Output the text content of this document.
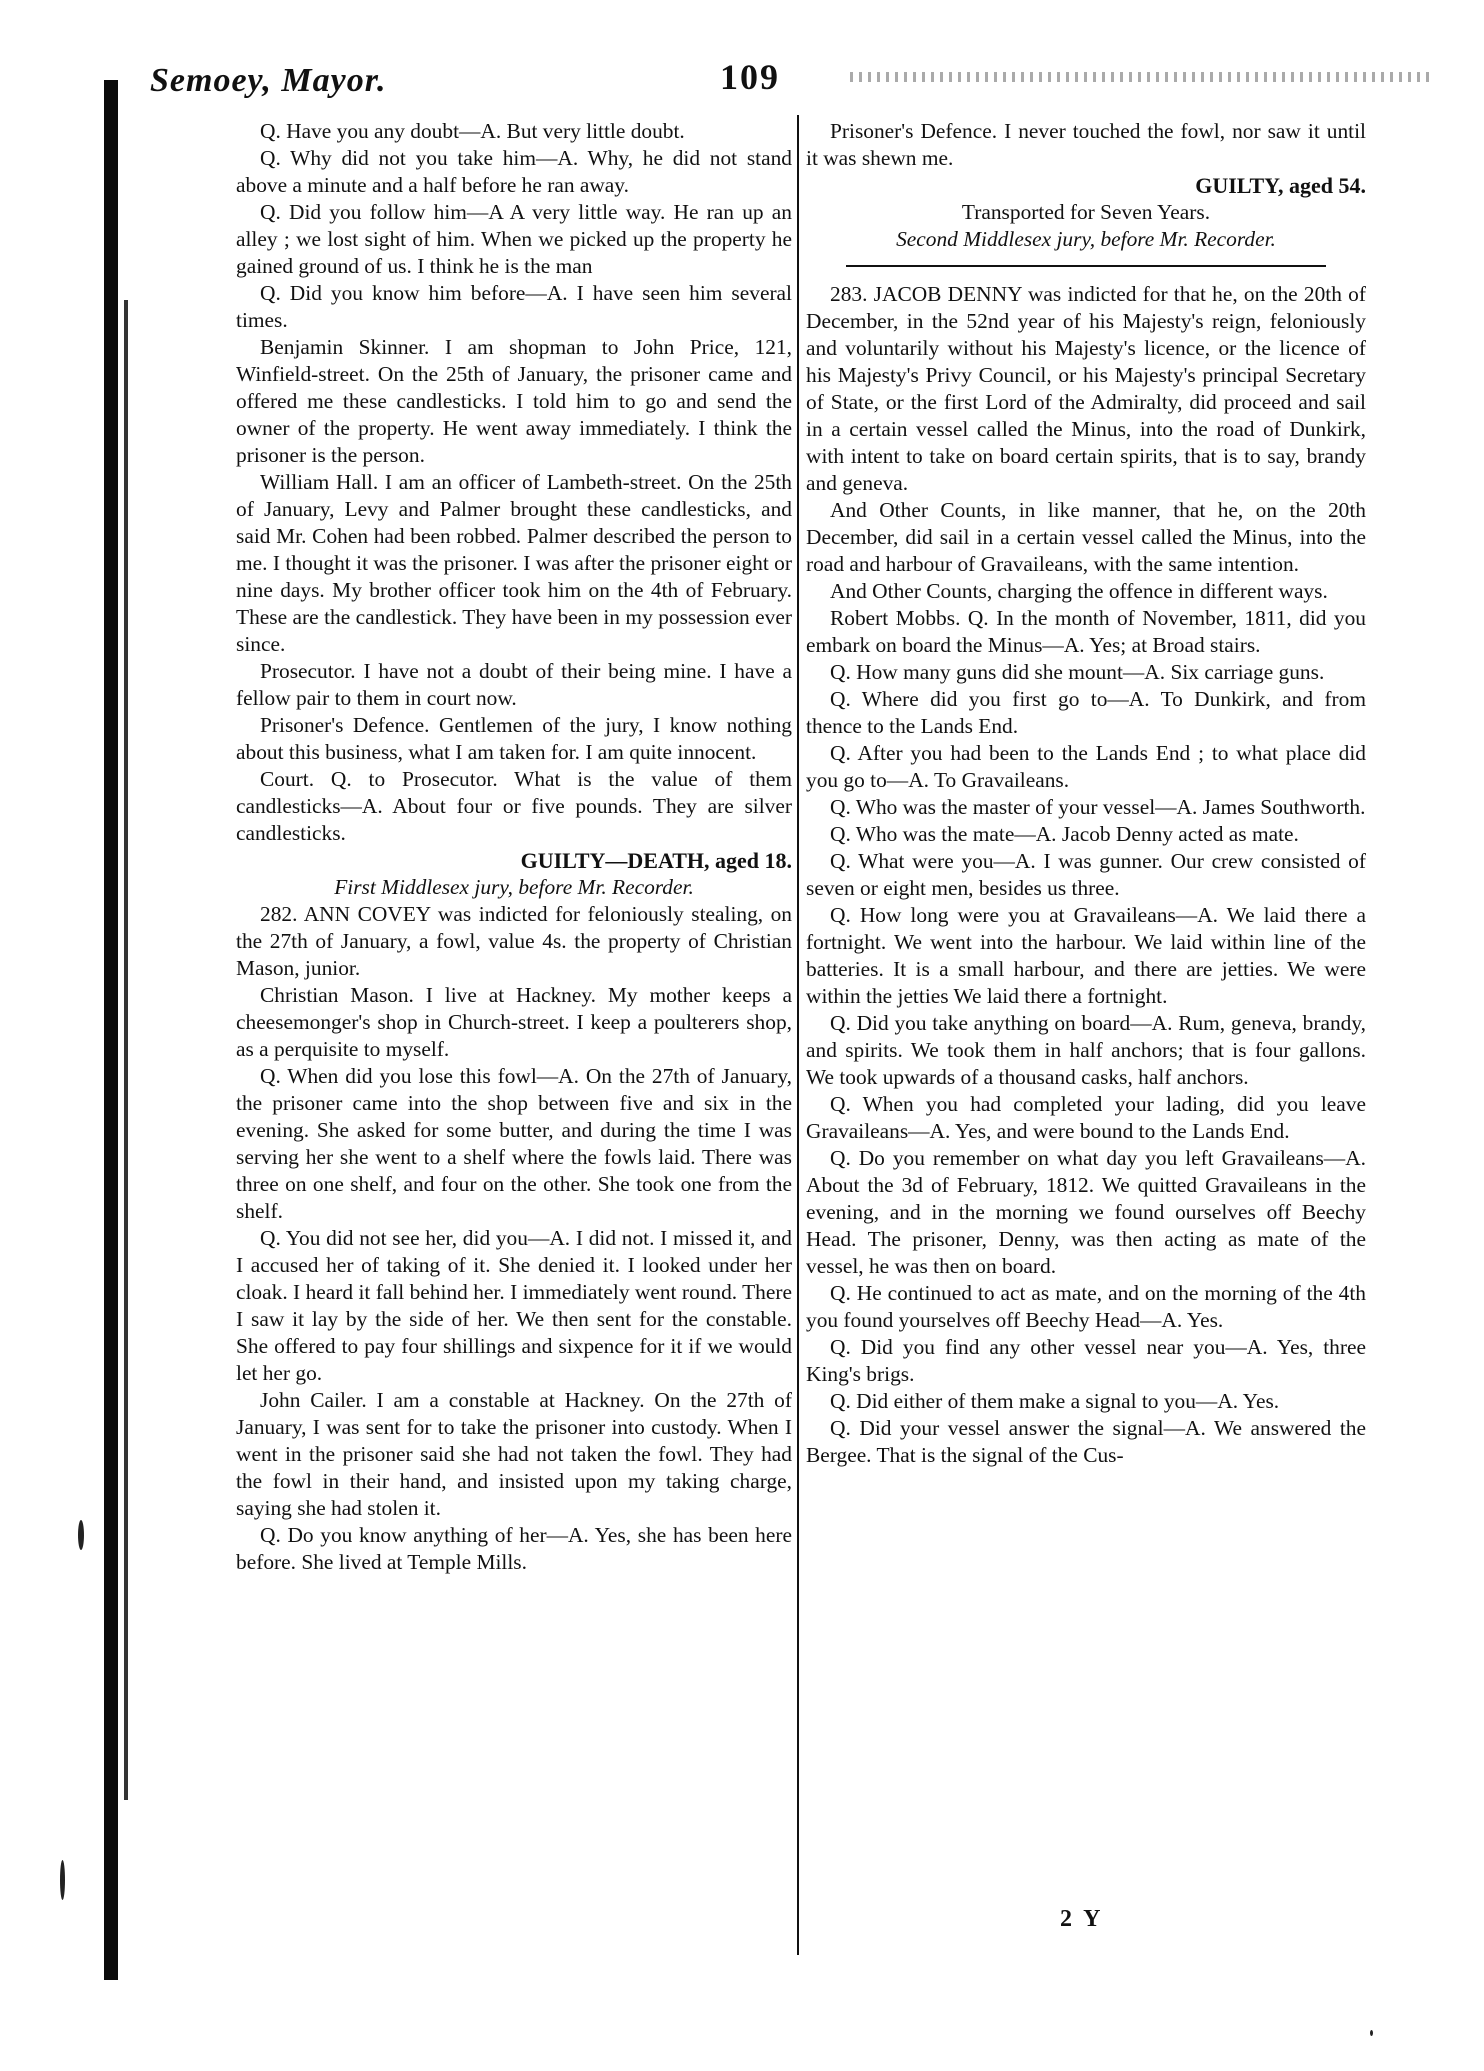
Semoey, Mayor.	109

Q. Have you any doubt—A. But very little doubt.

Q. Why did not you take him—A. Why, he did not stand above a minute and a half before he ran away.

Q. Did you follow him—A A very little way. He ran up an alley ; we lost sight of him. When we picked up the property he gained ground of us. I think he is the man

Q. Did you know him before—A. I have seen him several times.

Benjamin Skinner. I am shopman to John Price, 121, Winfield-street. On the 25th of January, the prisoner came and offered me these candlesticks. I told him to go and send the owner of the property. He went away immediately. I think the prisoner is the person.

William Hall. I am an officer of Lambeth-street. On the 25th of January, Levy and Palmer brought these candlesticks, and said Mr. Cohen had been robbed. Palmer described the person to me. I thought it was the prisoner. I was after the prisoner eight or nine days. My brother officer took him on the 4th of February. These are the candlestick. They have been in my possession ever since.

Prosecutor. I have not a doubt of their being mine. I have a fellow pair to them in court now.

Prisoner's Defence. Gentlemen of the jury, I know nothing about this business, what I am taken for. I am quite innocent.

Court. Q. to Prosecutor. What is the value of them candlesticks—A. About four or five pounds. They are silver candlesticks.

GUILTY—DEATH, aged 18.

First Middlesex jury, before Mr. Recorder.

282. ANN COVEY was indicted for feloniously stealing, on the 27th of January, a fowl, value 4s. the property of Christian Mason, junior.

Christian Mason. I live at Hackney. My mother keeps a cheesemonger's shop in Church-street. I keep a poulterers shop, as a perquisite to myself.

Q. When did you lose this fowl—A. On the 27th of January, the prisoner came into the shop between five and six in the evening. She asked for some butter, and during the time I was serving her she went to a shelf where the fowls laid. There was three on one shelf, and four on the other. She took one from the shelf.

Q. You did not see her, did you—A. I did not. I missed it, and I accused her of taking of it. She denied it. I looked under her cloak. I heard it fall behind her. I immediately went round. There I saw it lay by the side of her. We then sent for the constable. She offered to pay four shillings and sixpence for it if we would let her go.

John Cailer. I am a constable at Hackney. On the 27th of January, I was sent for to take the prisoner into custody. When I went in the prisoner said she had not taken the fowl. They had the fowl in their hand, and insisted upon my taking charge, saying she had stolen it.

Q. Do you know anything of her—A. Yes, she has been here before. She lived at Temple Mills.

Prisoner's Defence. I never touched the fowl, nor saw it until it was shewn me.

GUILTY, aged 54.

Transported for Seven Years.

Second Middlesex jury, before Mr. Recorder.

283. JACOB DENNY was indicted for that he, on the 20th of December, in the 52nd year of his Majesty's reign, feloniously and voluntarily without his Majesty's licence, or the licence of his Majesty's Privy Council, or his Majesty's principal Secretary of State, or the first Lord of the Admiralty, did proceed and sail in a certain vessel called the Minus, into the road of Dunkirk, with intent to take on board certain spirits, that is to say, brandy and geneva.

And Other Counts, in like manner, that he, on the 20th December, did sail in a certain vessel called the Minus, into the road and harbour of Gravaileans, with the same intention.

And Other Counts, charging the offence in different ways.

Robert Mobbs. Q. In the month of November, 1811, did you embark on board the Minus—A. Yes; at Broad stairs.

Q. How many guns did she mount—A. Six carriage guns.

Q. Where did you first go to—A. To Dunkirk, and from thence to the Lands End.

Q. After you had been to the Lands End ; to what place did you go to—A. To Gravaileans.

Q. Who was the master of your vessel—A. James Southworth.

Q. Who was the mate—A. Jacob Denny acted as mate.

Q. What were you—A. I was gunner. Our crew consisted of seven or eight men, besides us three.

Q. How long were you at Gravaileans—A. We laid there a fortnight. We went into the harbour. We laid within line of the batteries. It is a small harbour, and there are jetties. We were within the jetties We laid there a fortnight.

Q. Did you take anything on board—A. Rum, geneva, brandy, and spirits. We took them in half anchors; that is four gallons. We took upwards of a thousand casks, half anchors.

Q. When you had completed your lading, did you leave Gravaileans—A. Yes, and were bound to the Lands End.

Q. Do you remember on what day you left Gravaileans—A. About the 3d of February, 1812. We quitted Gravaileans in the evening, and in the morning we found ourselves off Beechy Head. The prisoner, Denny, was then acting as mate of the vessel, he was then on board.

Q. He continued to act as mate, and on the morning of the 4th you found yourselves off Beechy Head—A. Yes.

Q. Did you find any other vessel near you—A. Yes, three King's brigs.

Q. Did either of them make a signal to you—A. Yes.

Q. Did your vessel answer the signal—A. We answered the Bergee. That is the signal of the Cus-

2 Y
